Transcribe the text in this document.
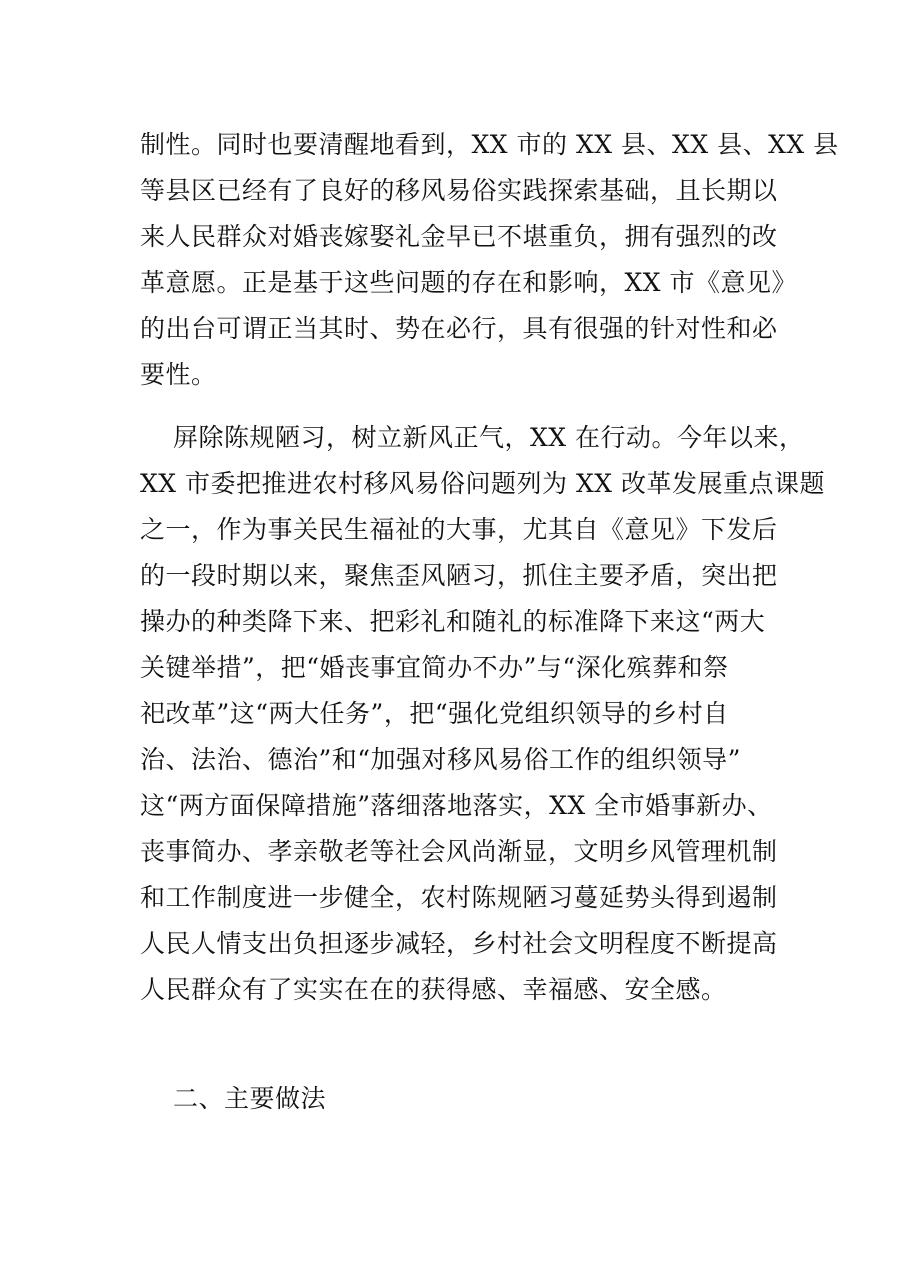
制性。同时也要清醒地看到，XX 市的 XX 县、XX 县、XX 县
等县区已经有了良好的移风易俗实践探索基础，且长期以
来人民群众对婚丧嫁娶礼金早已不堪重负，拥有强烈的改
革意愿。正是基于这些问题的存在和影响，XX 市《意见》
的出台可谓正当其时、势在必行，具有很强的针对性和必
要性。
屏除陈规陋习，树立新风正气，XX 在行动。今年以来，
XX 市委把推进农村移风易俗问题列为 XX 改革发展重点课题
之一，作为事关民生福祉的大事，尤其自《意见》下发后
的一段时期以来，聚焦歪风陋习，抓住主要矛盾，突出把
操办的种类降下来、把彩礼和随礼的标准降下来这“两大
关键举措”，把“婚丧事宜简办不办”与“深化殡葬和祭
祀改革”这“两大任务”，把“强化党组织领导的乡村自
治、法治、德治”和“加强对移风易俗工作的组织领导”
这“两方面保障措施”落细落地落实，XX 全市婚事新办、
丧事简办、孝亲敬老等社会风尚渐显，文明乡风管理机制
和工作制度进一步健全，农村陈规陋习蔓延势头得到遏制
人民人情支出负担逐步减轻，乡村社会文明程度不断提高
人民群众有了实实在在的获得感、幸福感、安全感。
二、主要做法
